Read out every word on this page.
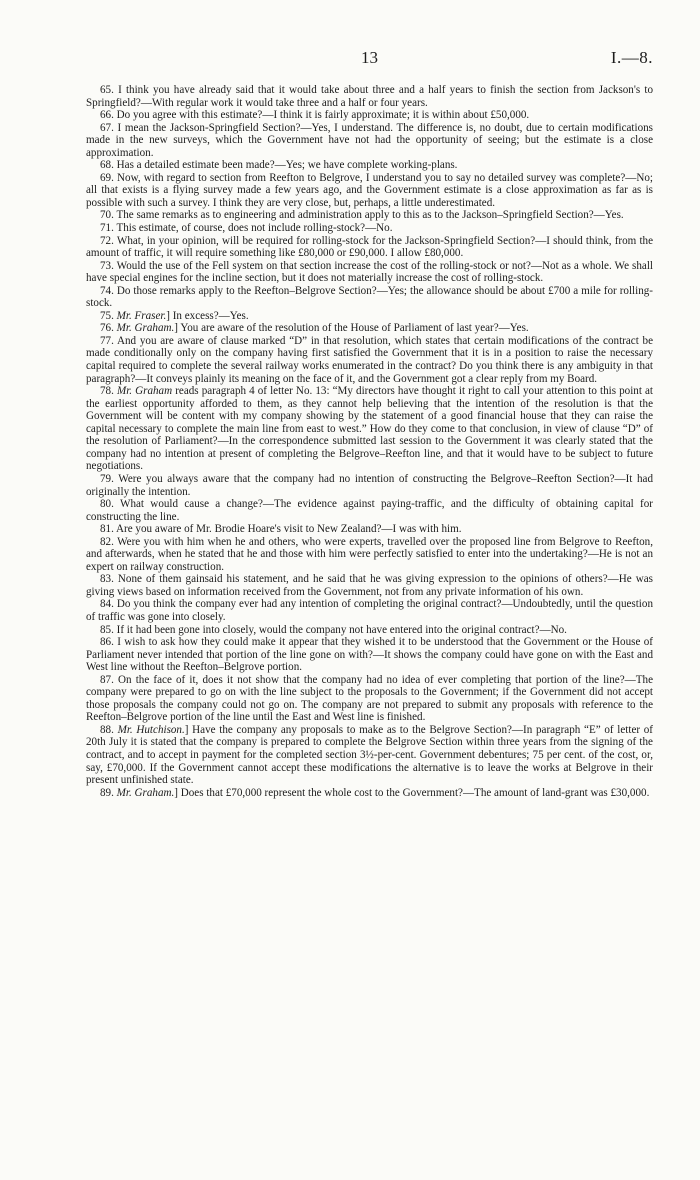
13	I.—8.

65. I think you have already said that it would take about three and a half years to finish the section from Jackson's to Springfield?—With regular work it would take three and a half or four years.

66. Do you agree with this estimate?—I think it is fairly approximate; it is within about £50,000.

67. I mean the Jackson-Springfield Section?—Yes, I understand. The difference is, no doubt, due to certain modifications made in the new surveys, which the Government have not had the opportunity of seeing; but the estimate is a close approximation.

68. Has a detailed estimate been made?—Yes; we have complete working-plans.

69. Now, with regard to section from Reefton to Belgrove, I understand you to say no detailed survey was complete?—No; all that exists is a flying survey made a few years ago, and the Government estimate is a close approximation as far as is possible with such a survey. I think they are very close, but, perhaps, a little underestimated.

70. The same remarks as to engineering and administration apply to this as to the Jackson–Springfield Section?—Yes.

71. This estimate, of course, does not include rolling-stock?—No.

72. What, in your opinion, will be required for rolling-stock for the Jackson-Springfield Section?—I should think, from the amount of traffic, it will require something like £80,000 or £90,000. I allow £80,000.

73. Would the use of the Fell system on that section increase the cost of the rolling-stock or not?—Not as a whole. We shall have special engines for the incline section, but it does not materially increase the cost of rolling-stock.

74. Do those remarks apply to the Reefton–Belgrove Section?—Yes; the allowance should be about £700 a mile for rolling-stock.

75. Mr. Fraser.] In excess?—Yes.

76. Mr. Graham.] You are aware of the resolution of the House of Parliament of last year?—Yes.

77. And you are aware of clause marked “D” in that resolution, which states that certain modifications of the contract be made conditionally only on the company having first satisfied the Government that it is in a position to raise the necessary capital required to complete the several railway works enumerated in the contract? Do you think there is any ambiguity in that paragraph?—It conveys plainly its meaning on the face of it, and the Government got a clear reply from my Board.

78. Mr. Graham reads paragraph 4 of letter No. 13: “My directors have thought it right to call your attention to this point at the earliest opportunity afforded to them, as they cannot help believing that the intention of the resolution is that the Government will be content with my company showing by the statement of a good financial house that they can raise the capital necessary to complete the main line from east to west.” How do they come to that conclusion, in view of clause “D” of the resolution of Parliament?—In the correspondence submitted last session to the Government it was clearly stated that the company had no intention at present of completing the Belgrove–Reefton line, and that it would have to be subject to future negotiations.

79. Were you always aware that the company had no intention of constructing the Belgrove–Reefton Section?—It had originally the intention.

80. What would cause a change?—The evidence against paying-traffic, and the difficulty of obtaining capital for constructing the line.

81. Are you aware of Mr. Brodie Hoare's visit to New Zealand?—I was with him.

82. Were you with him when he and others, who were experts, travelled over the proposed line from Belgrove to Reefton, and afterwards, when he stated that he and those with him were perfectly satisfied to enter into the undertaking?—He is not an expert on railway construction.

83. None of them gainsaid his statement, and he said that he was giving expression to the opinions of others?—He was giving views based on information received from the Government, not from any private information of his own.

84. Do you think the company ever had any intention of completing the original contract?—Undoubtedly, until the question of traffic was gone into closely.

85. If it had been gone into closely, would the company not have entered into the original contract?—No.

86. I wish to ask how they could make it appear that they wished it to be understood that the Government or the House of Parliament never intended that portion of the line gone on with?—It shows the company could have gone on with the East and West line without the Reefton–Belgrove portion.

87. On the face of it, does it not show that the company had no idea of ever completing that portion of the line?—The company were prepared to go on with the line subject to the proposals to the Government; if the Government did not accept those proposals the company could not go on. The company are not prepared to submit any proposals with reference to the Reefton–Belgrove portion of the line until the East and West line is finished.

88. Mr. Hutchison.] Have the company any proposals to make as to the Belgrove Section?—In paragraph “E” of letter of 20th July it is stated that the company is prepared to complete the Belgrove Section within three years from the signing of the contract, and to accept in payment for the completed section 3½-per-cent. Government debentures; 75 per cent. of the cost, or, say, £70,000. If the Government cannot accept these modifications the alternative is to leave the works at Belgrove in their present unfinished state.

89. Mr. Graham.] Does that £70,000 represent the whole cost to the Government?—The amount of land-grant was £30,000.
